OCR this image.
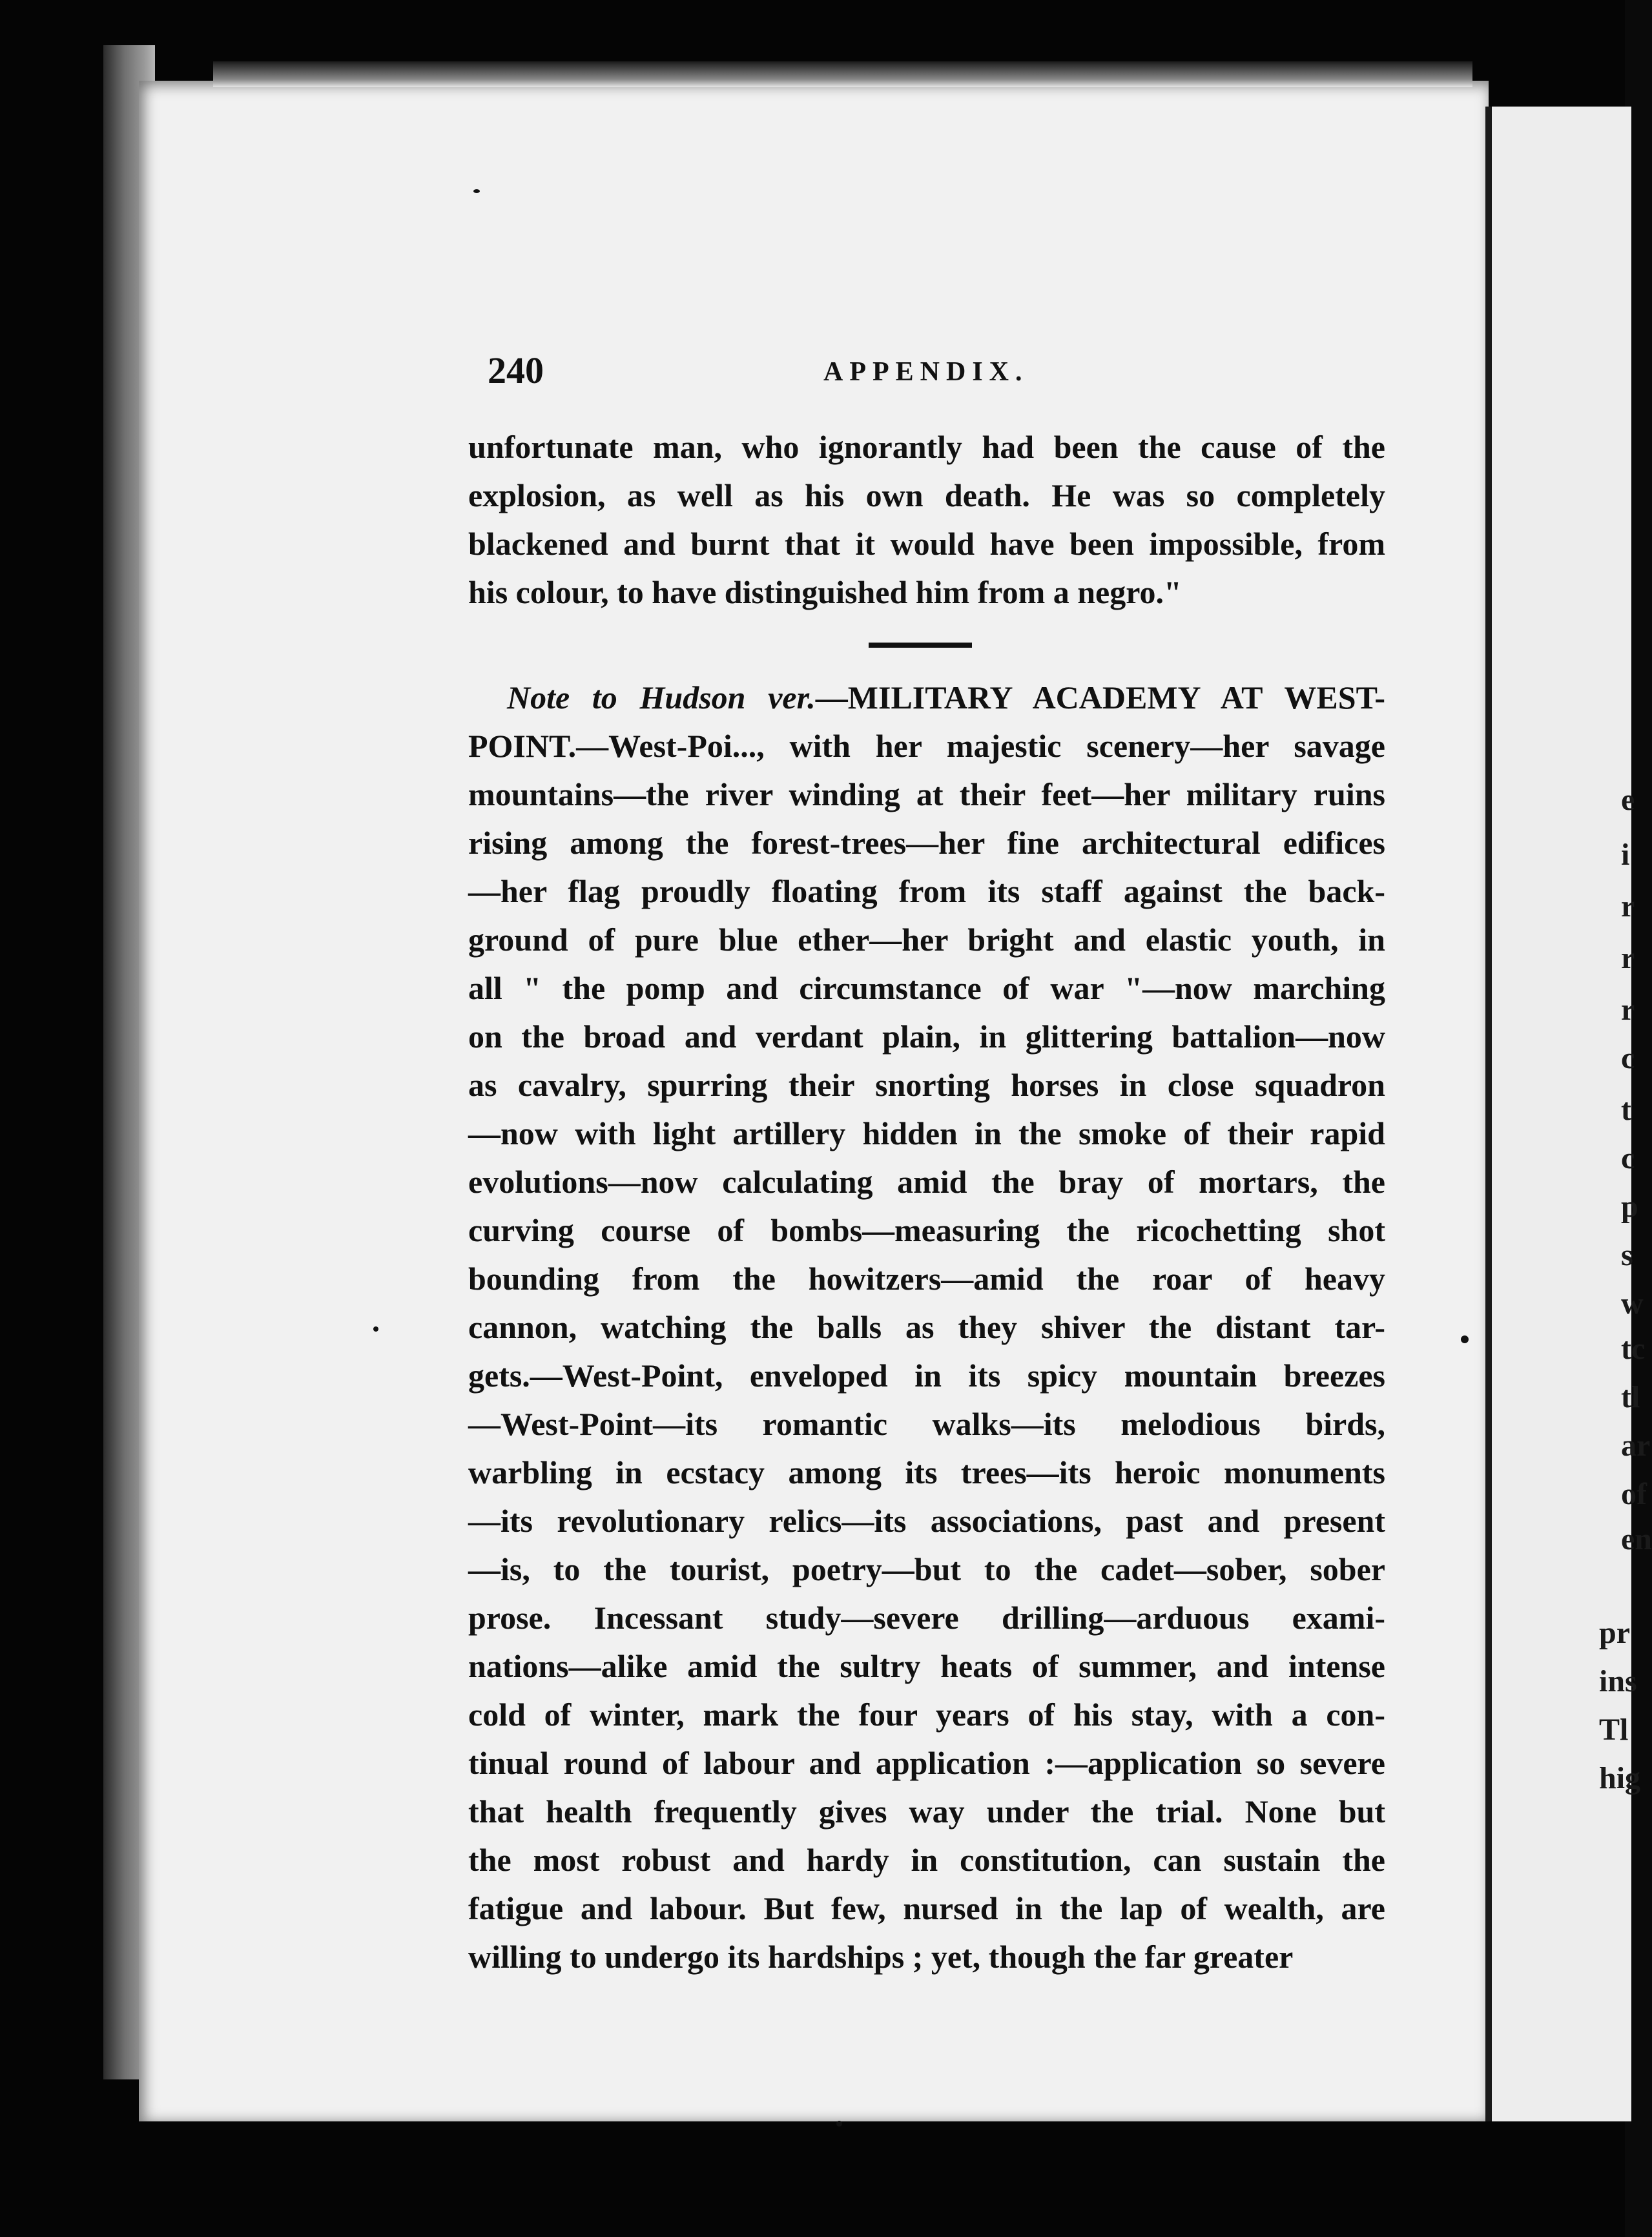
e
i
r
r
r
c
t
c
p
s
w
tc
tl
ar
of
en
pr
ins
Tl
hig
240	APPENDIX.
unfortunate man, who ignorantly had been the cause of the
explosion, as well as his own death. He was so completely
blackened and burnt that it would have been impossible, from
his colour, to have distinguished him from a negro."
Note to Hudson ver.—MILITARY ACADEMY AT WEST-
POINT.—West-Poi..., with her majestic scenery—her savage
mountains—the river winding at their feet—her military ruins
rising among the forest-trees—her fine architectural edifices
—her flag proudly floating from its staff against the back-
ground of pure blue ether—her bright and elastic youth, in
all " the pomp and circumstance of war "—now marching
on the broad and verdant plain, in glittering battalion—now
as cavalry, spurring their snorting horses in close squadron
—now with light artillery hidden in the smoke of their rapid
evolutions—now calculating amid the bray of mortars, the
curving course of bombs—measuring the ricochetting shot
bounding from the howitzers—amid the roar of heavy
cannon, watching the balls as they shiver the distant tar-
gets.—West-Point, enveloped in its spicy mountain breezes
—West-Point—its romantic walks—its melodious birds,
warbling in ecstacy among its trees—its heroic monuments
—its revolutionary relics—its associations, past and present
—is, to the tourist, poetry—but to the cadet—sober, sober
prose. Incessant study—severe drilling—arduous exami-
nations—alike amid the sultry heats of summer, and intense
cold of winter, mark the four years of his stay, with a con-
tinual round of labour and application :—application so severe
that health frequently gives way under the trial. None but
the most robust and hardy in constitution, can sustain the
fatigue and labour. But few, nursed in the lap of wealth, are
willing to undergo its hardships ; yet, though the far greater
